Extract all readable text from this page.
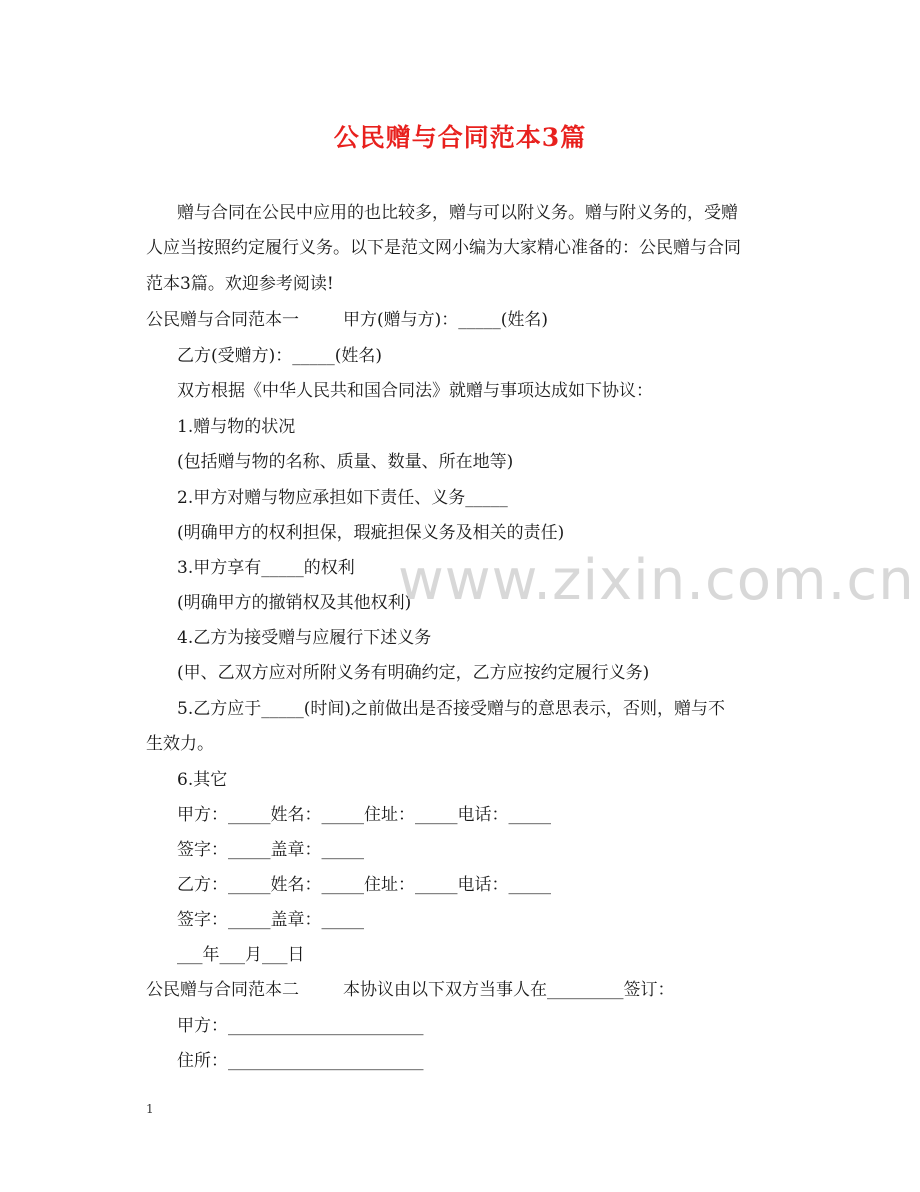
公民赠与合同范本3篇
赠与合同在公民中应用的也比较多，赠与可以附义务。赠与附义务的，受赠
人应当按照约定履行义务。以下是范文网小编为大家精心准备的：公民赠与合同
范本3篇。欢迎参考阅读!
公民赠与合同范本一	甲方(赠与方)：_____(姓名)
乙方(受赠方)：_____(姓名)
双方根据《中华人民共和国合同法》就赠与事项达成如下协议：
1.赠与物的状况
(包括赠与物的名称、质量、数量、所在地等)
2.甲方对赠与物应承担如下责任、义务_____
(明确甲方的权利担保，瑕疵担保义务及相关的责任)
3.甲方享有_____的权利
(明确甲方的撤销权及其他权利)
4.乙方为接受赠与应履行下述义务
(甲、乙双方应对所附义务有明确约定，乙方应按约定履行义务)
5.乙方应于_____(时间)之前做出是否接受赠与的意思表示，否则，赠与不
生效力。
6.其它
甲方：_____姓名：_____住址：_____电话：_____
签字：_____盖章：_____
乙方：_____姓名：_____住址：_____电话：_____
签字：_____盖章：_____
___年___月___日
公民赠与合同范本二	本协议由以下双方当事人在_________签订：
甲方：_______________________
住所：_______________________
www.zixin.com.cn
1
